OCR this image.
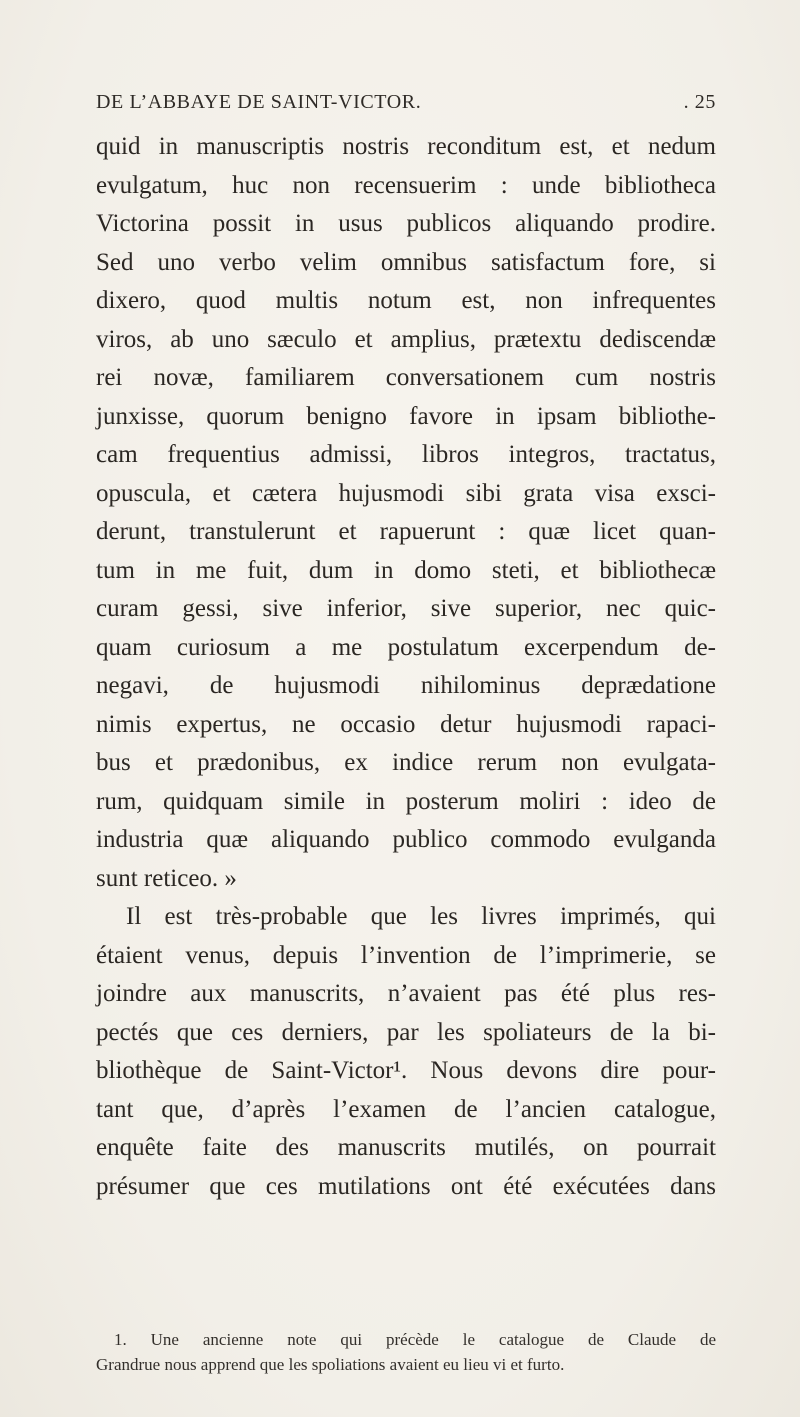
DE L’ABBAYE DE SAINT-VICTOR.	. 25
quid in manuscriptis nostris reconditum est, et nedum
evulgatum, huc non recensuerim : unde bibliotheca
Victorina possit in usus publicos aliquando prodire.
Sed uno verbo velim omnibus satisfactum fore, si
dixero, quod multis notum est, non infrequentes
viros, ab uno sæculo et amplius, prætextu dediscendæ
rei novæ, familiarem conversationem cum nostris
junxisse, quorum benigno favore in ipsam bibliothe-
cam frequentius admissi, libros integros, tractatus,
opuscula, et cætera hujusmodi sibi grata visa exsci-
derunt, transtulerunt et rapuerunt : quæ licet quan-
tum in me fuit, dum in domo steti, et bibliothecæ
curam gessi, sive inferior, sive superior, nec quic-
quam curiosum a me postulatum excerpendum de-
negavi, de hujusmodi nihilominus deprædatione
nimis expertus, ne occasio detur hujusmodi rapaci-
bus et prædonibus, ex indice rerum non evulgata-
rum, quidquam simile in posterum moliri : ideo de
industria quæ aliquando publico commodo evulganda
sunt reticeo. »
Il est très-probable que les livres imprimés, qui
étaient venus, depuis l’invention de l’imprimerie, se
joindre aux manuscrits, n’avaient pas été plus res-
pectés que ces derniers, par les spoliateurs de la bi-
bliothèque de Saint-Victor¹. Nous devons dire pour-
tant que, d’après l’examen de l’ancien catalogue,
enquête faite des manuscrits mutilés, on pourrait
présumer que ces mutilations ont été exécutées dans
1. Une ancienne note qui précède le catalogue de Claude de
Grandrue nous apprend que les spoliations avaient eu lieu vi et furto.
